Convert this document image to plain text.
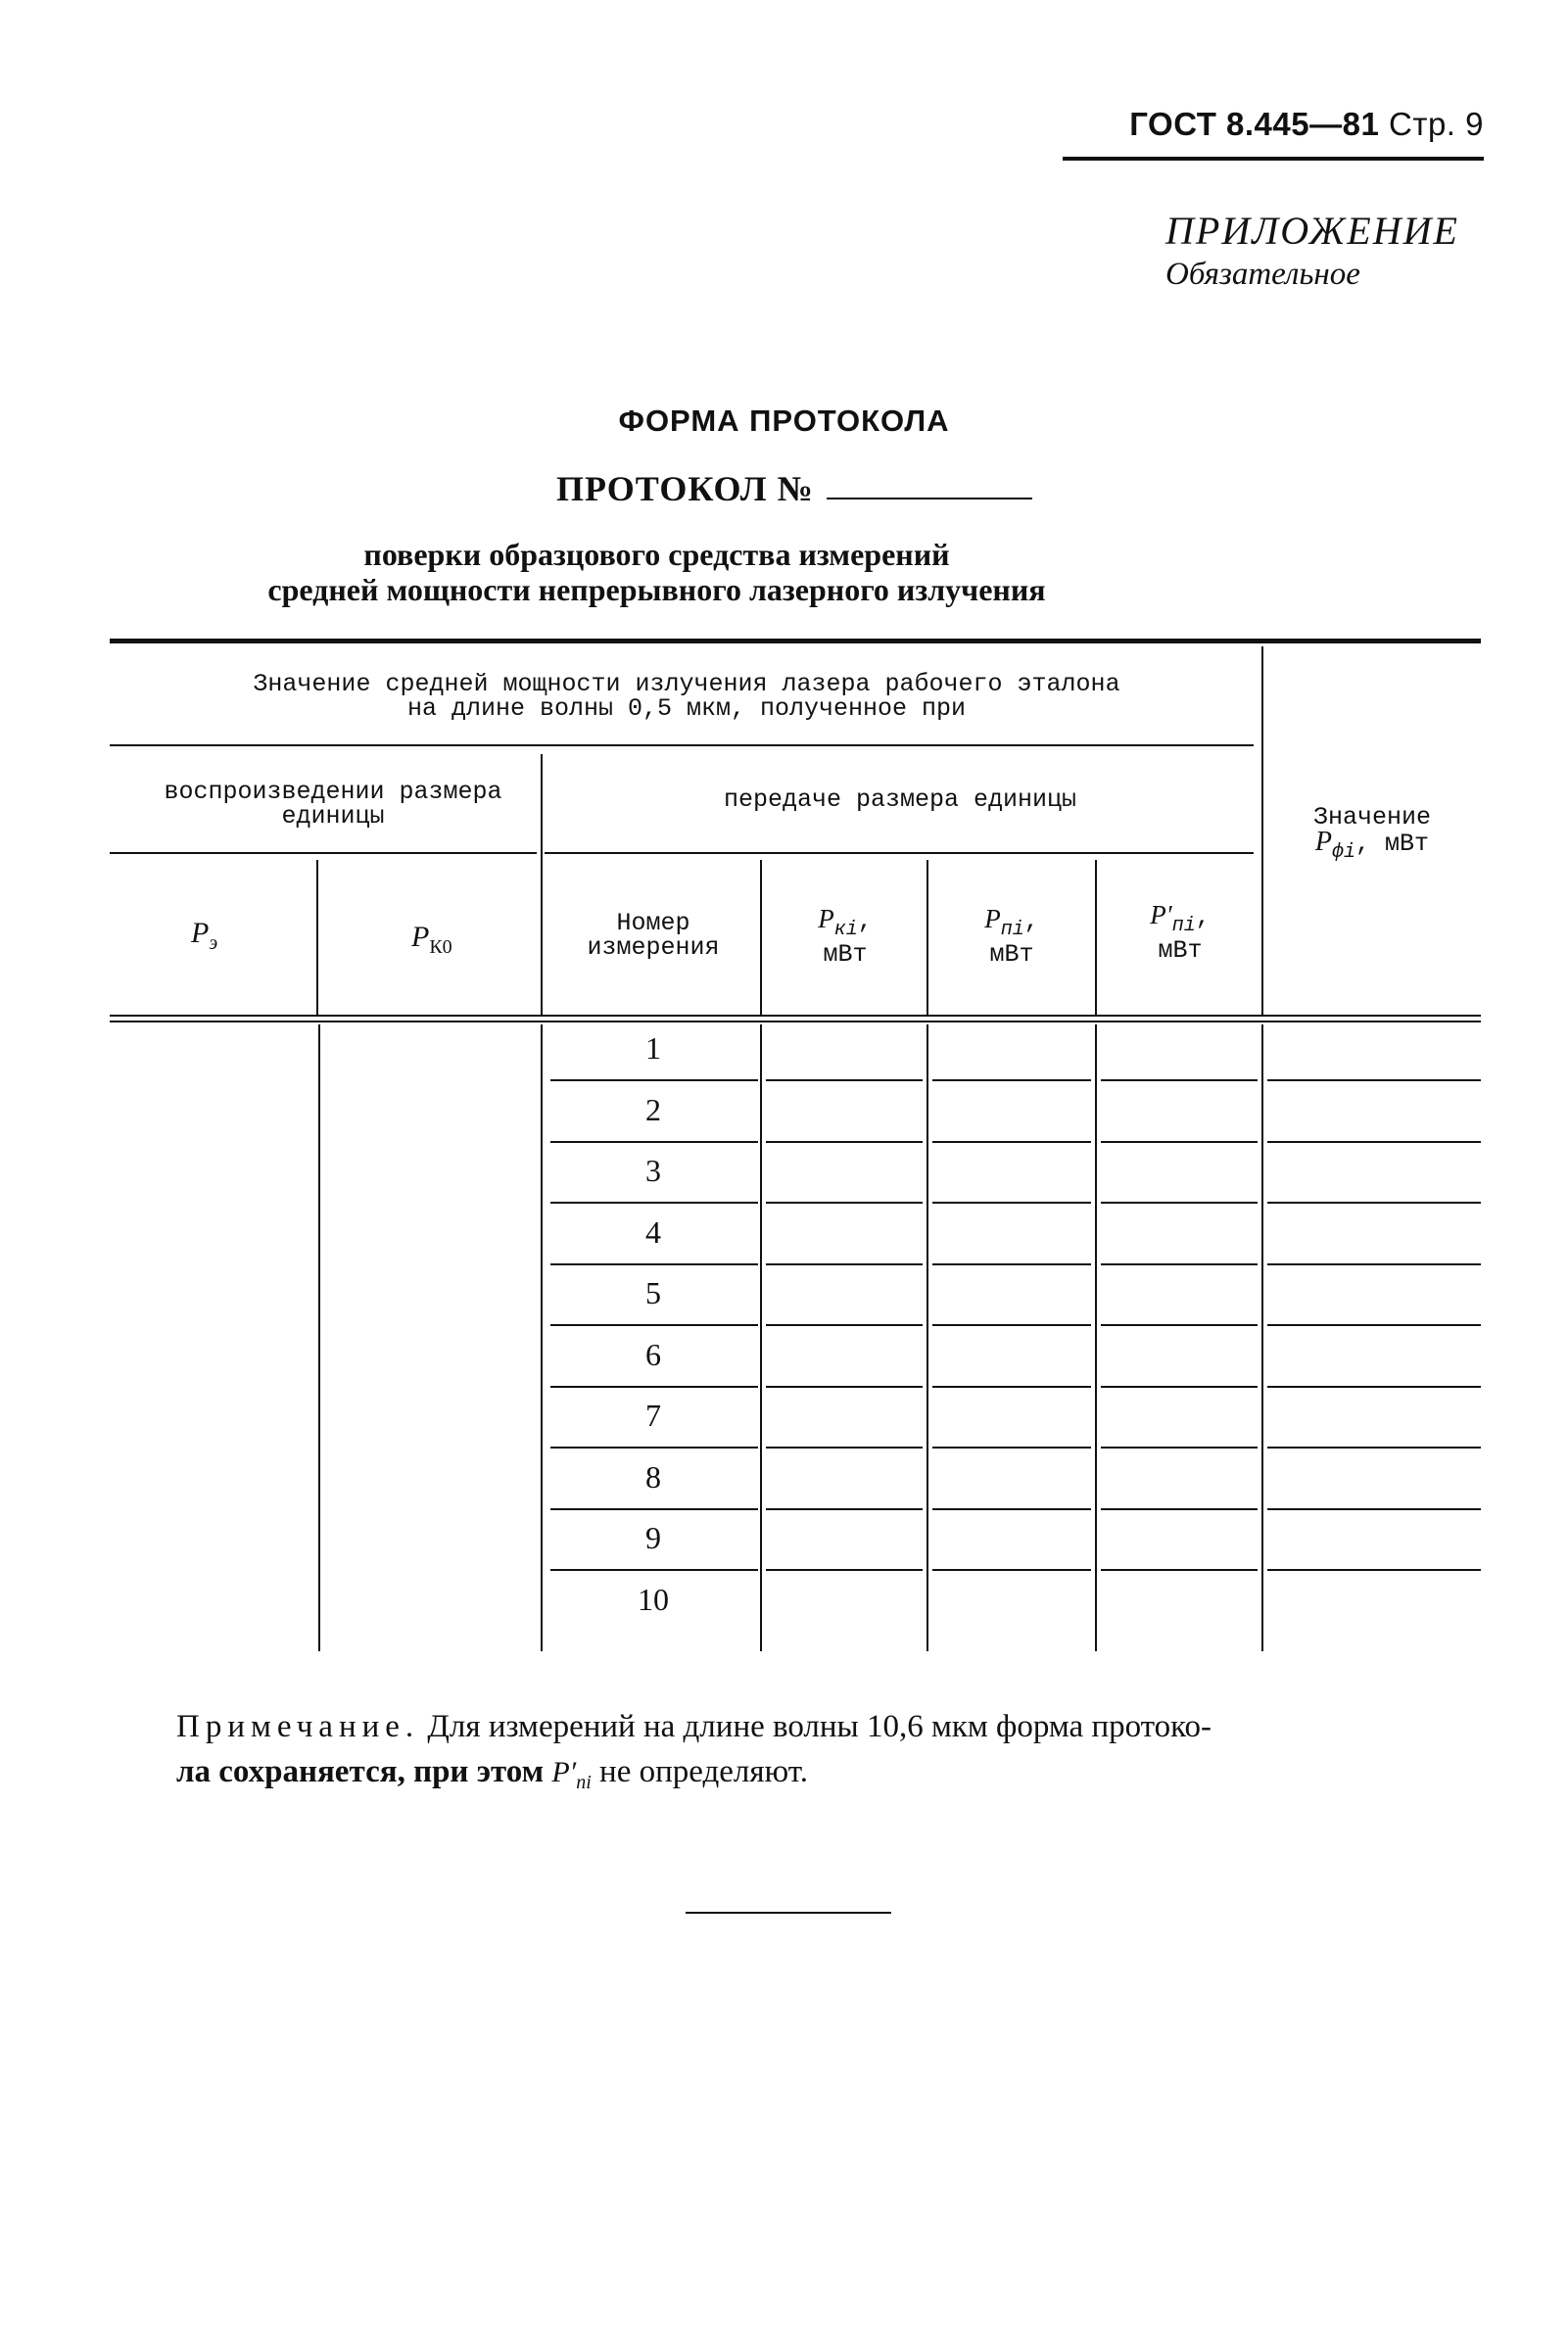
ГОСТ 8.445—81 Стр. 9
ПРИЛОЖЕНИЕ
Обязательное
ФОРМА ПРОТОКОЛА
ПРОТОКОЛ №
поверки образцового средства измерений
средней мощности непрерывного лазерного излучения
Значение средней мощности излучения лазера рабочего эталона
на длине волны 0,5 мкм, полученное при
воспроизведении размера
единицы
передаче размера единицы
Значение
$P_{фi}$, мВт
Pэ	PК0
Номер
измерения
$P_{кi}$,
мВт
$P_{пi}$,
мВт
$P'_{пi}$,
мВт
1
2
3
4
5
6
7
8
9
10
Примечание. Для измерений на длине волны 10,6 мкм форма протоко-
ла сохраняется, при этом $P'_{пi}$ не определяют.
